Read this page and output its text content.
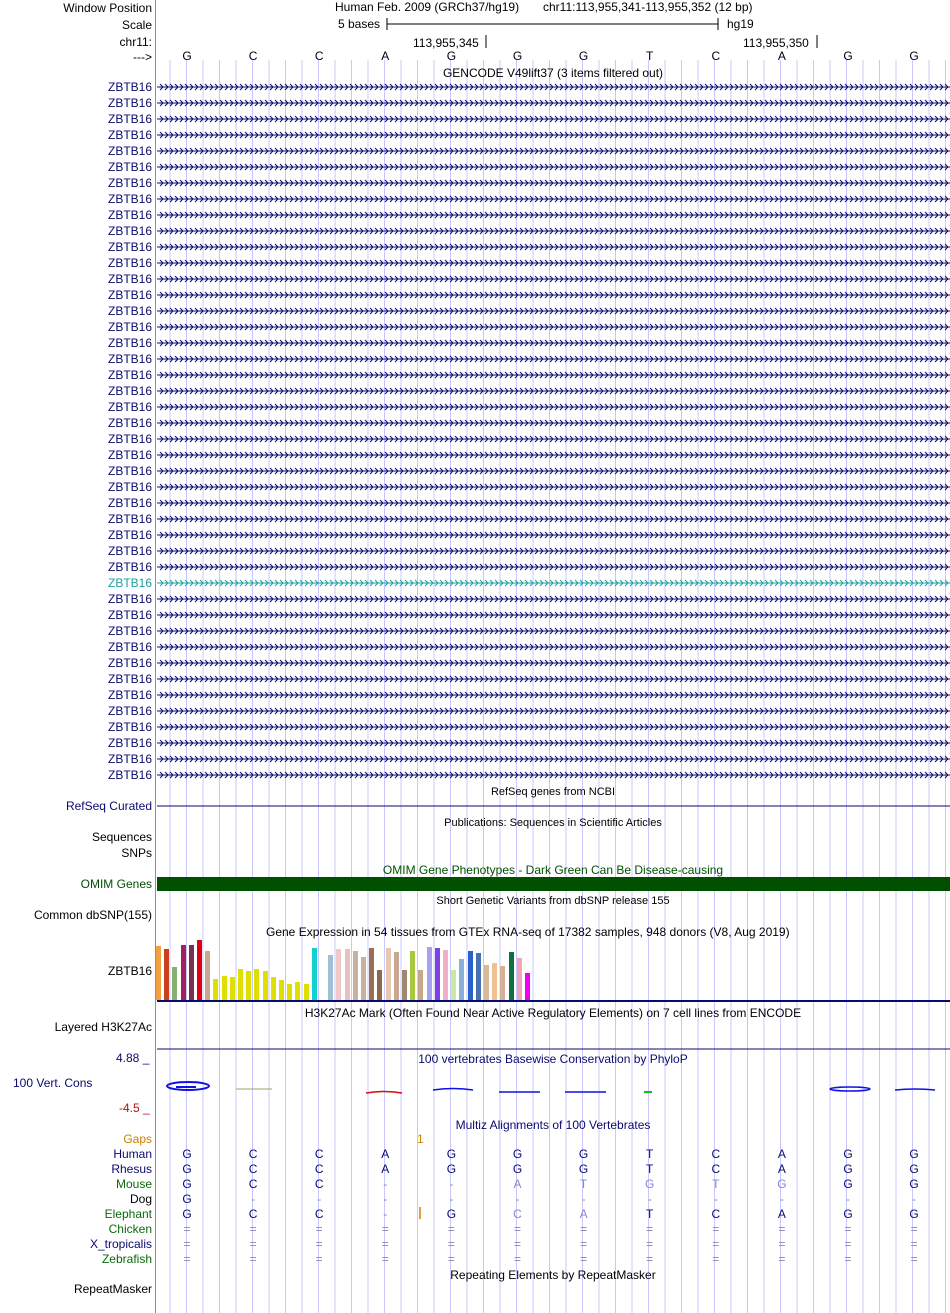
Window Position
Scale
chr11:
--->
Human Feb. 2009 (GRCh37/hg19) chr11:113,955,341-113,955,352 (12 bp)
5 bases	hg19
113,955,345	113,955,350
G	C	C	A	G	G	G	T	C	A	G	G
GENCODE V49lift37 (3 items filtered out)
ZBTB16
ZBTB16
ZBTB16
ZBTB16
ZBTB16
ZBTB16
ZBTB16
ZBTB16
ZBTB16
ZBTB16
ZBTB16
ZBTB16
ZBTB16
ZBTB16
ZBTB16
ZBTB16
ZBTB16
ZBTB16
ZBTB16
ZBTB16
ZBTB16
ZBTB16
ZBTB16
ZBTB16
ZBTB16
ZBTB16
ZBTB16
ZBTB16
ZBTB16
ZBTB16
ZBTB16
ZBTB16
ZBTB16
ZBTB16
ZBTB16
ZBTB16
ZBTB16
ZBTB16
ZBTB16
ZBTB16
ZBTB16
ZBTB16
ZBTB16
ZBTB16
RefSeq genes from NCBI
RefSeq Curated
Publications: Sequences in Scientific Articles
Sequences
SNPs
OMIM Gene Phenotypes - Dark Green Can Be Disease-causing
OMIM Genes
Short Genetic Variants from dbSNP release 155
Common dbSNP(155)
Gene Expression in 54 tissues from GTEx RNA-seq of 17382 samples, 948 donors (V8, Aug 2019)
ZBTB16
H3K27Ac Mark (Often Found Near Active Regulatory Elements) on 7 cell lines from ENCODE
Layered H3K27Ac
100 vertebrates Basewise Conservation by PhyloP
4.88 _
100 Vert. Cons
-4.5 _
Multiz Alignments of 100 Vertebrates
Gaps	1
Human	G	C	C	A	G	G	G	T	C	A	G	G
Rhesus	G	C	C	A	G	G	G	T	C	A	G	G
Mouse	G	C	C	-	-	A	T	G	T	G	G	G
Dog	G	-	-	-	-	-	-	-	-	-	-	-
Elephant	G	C	C	-	G	C	A	T	C	A	G	G
Chicken	=	=	=	=	=	=	=	=	=	=	=	=
X_tropicalis	=	=	=	=	=	=	=	=	=	=	=	=
Zebrafish	=	=	=	=	=	=	=	=	=	=	=	=
Repeating Elements by RepeatMasker
RepeatMasker
